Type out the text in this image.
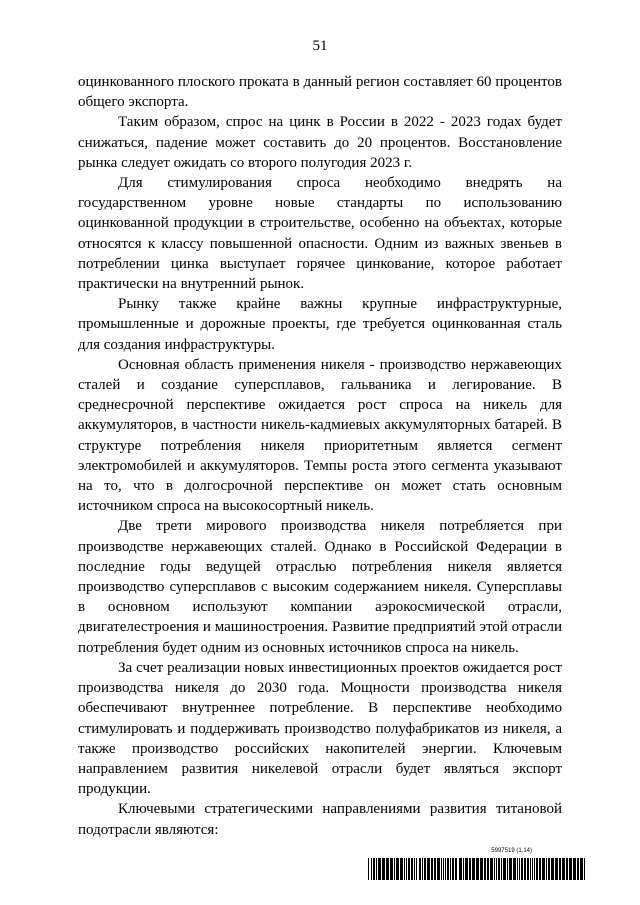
51

оцинкованного плоского проката в данный регион составляет 60 процентов общего экспорта.

Таким образом, спрос на цинк в России в 2022 - 2023 годах будет снижаться, падение может составить до 20 процентов. Восстановление рынка следует ожидать со второго полугодия 2023 г.

Для стимулирования спроса необходимо внедрять на государственном уровне новые стандарты по использованию оцинкованной продукции в строительстве, особенно на объектах, которые относятся к классу повышенной опасности. Одним из важных звеньев в потреблении цинка выступает горячее цинкование, которое работает практически на внутренний рынок.

Рынку также крайне важны крупные инфраструктурные, промышленные и дорожные проекты, где требуется оцинкованная сталь для создания инфраструктуры.

Основная область применения никеля - производство нержавеющих сталей и создание суперсплавов, гальваника и легирование. В среднесрочной перспективе ожидается рост спроса на никель для аккумуляторов, в частности никель-кадмиевых аккумуляторных батарей. В структуре потребления никеля приоритетным является сегмент электромобилей и аккумуляторов. Темпы роста этого сегмента указывают на то, что в долгосрочной перспективе он может стать основным источником спроса на высокосортный никель.

Две трети мирового производства никеля потребляется при производстве нержавеющих сталей. Однако в Российской Федерации в последние годы ведущей отраслью потребления никеля является производство суперсплавов с высоким содержанием никеля. Суперсплавы в основном используют компании аэрокосмической отрасли, двигателестроения и машиностроения. Развитие предприятий этой отрасли потребления будет одним из основных источников спроса на никель.

За счет реализации новых инвестиционных проектов ожидается рост производства никеля до 2030 года. Мощности производства никеля обеспечивают внутреннее потребление. В перспективе необходимо стимулировать и поддерживать производство полуфабрикатов из никеля, а также производство российских накопителей энергии. Ключевым направлением развития никелевой отрасли будет являться экспорт продукции.

Ключевыми стратегическими направлениями развития титановой подотрасли являются:

5997519 (1.14)
